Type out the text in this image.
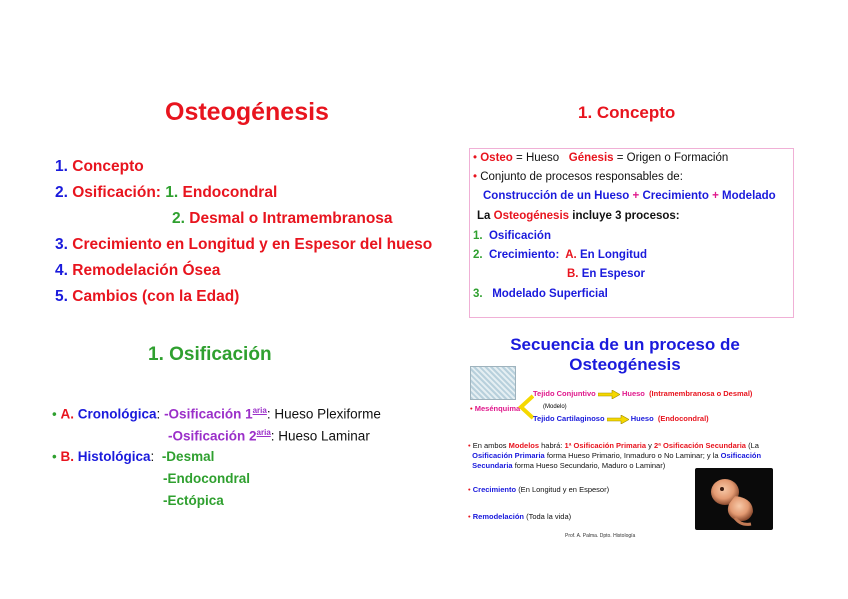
Osteogénesis
1. Concepto
2. Osificación: 1. Endocondral
2. Desmal o Intramembranosa
3. Crecimiento en Longitud y en Espesor del hueso
4. Remodelación Ósea
5. Cambios (con la Edad)
1. Concepto
• Osteo = Hueso Génesis = Origen o Formación
• Conjunto de procesos responsables de:
Construcción de un Hueso + Crecimiento + Modelado
La Osteogénesis incluye 3 procesos:
1. Osificación
2. Crecimiento: A. En Longitud
B. En Espesor
3. Modelado Superficial
1. Osificación
• A. Cronológica: -Osificación $1^{aria}$: Hueso Plexiforme
-Osificación $2^{aria}$: Hueso Laminar
• B. Histológica: -Desmal
-Endocondral
-Ectópica
Secuencia de un proceso de
Osteogénesis
Tejido Conjuntivo	Hueso (Intramembranosa o Desmal)
• Mesénquima	(Modelo)
Tejido Cartilaginoso	Hueso (Endocondral)
• En ambos Modelos habrá: 1ª Osificación Primaria y 2ª Osificación Secundaria (La
Osificación Primaria forma Hueso Primario, Inmaduro o No Laminar; y la Osificación
Secundaria forma Hueso Secundario, Maduro o Laminar)
• Crecimiento (En Longitud y en Espesor)
• Remodelación (Toda la vida)
Prof. A. Palma. Dpto. Histología
